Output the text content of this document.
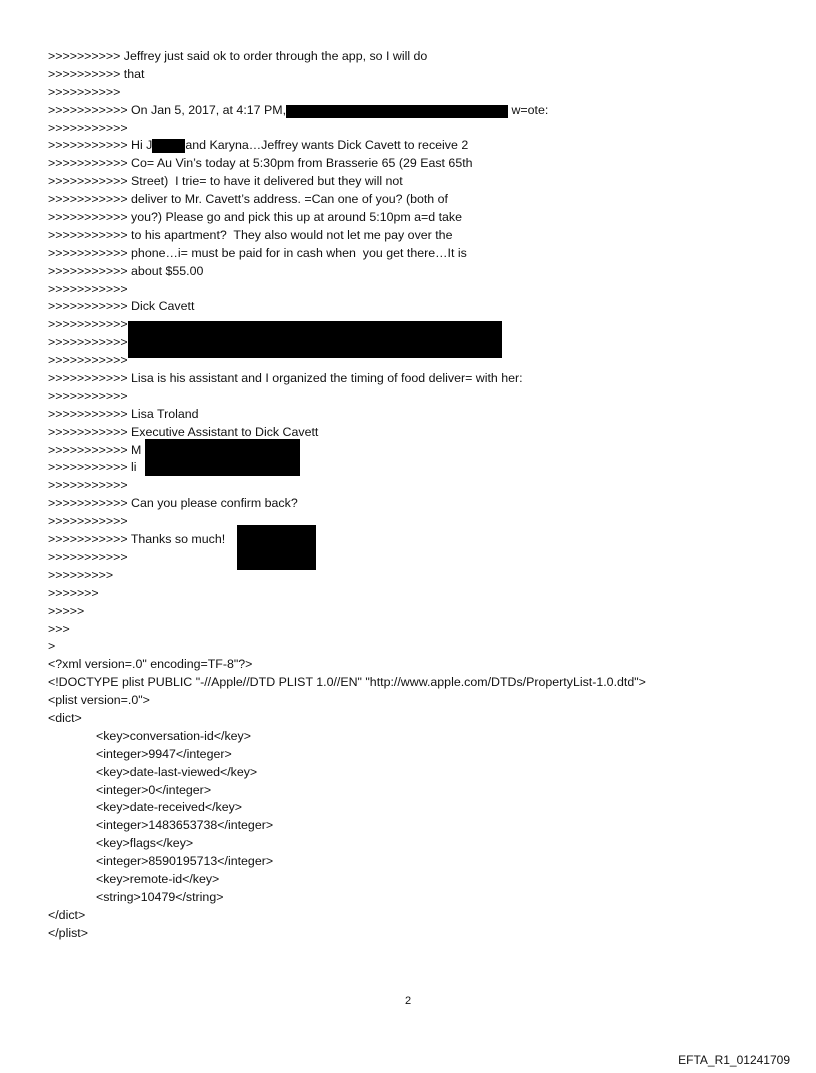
>>>>>>>>>> Jeffrey just said ok to order through the app, so I will do
>>>>>>>>>> that
>>>>>>>>>>
>>>>>>>>>>> On Jan 5, 2017, at 4:17 PM,	w=ote:
>>>>>>>>>>>
>>>>>>>>>>> Hi J	and Karyna…Jeffrey wants Dick Cavett to receive 2
>>>>>>>>>>> Co= Au Vin’s today at 5:30pm from Brasserie 65 (29 East 65th
>>>>>>>>>>> Street)  I trie= to have it delivered but they will not
>>>>>>>>>>> deliver to Mr. Cavett’s address. =Can one of you? (both of
>>>>>>>>>>> you?) Please go and pick this up at around 5:10pm a=d take
>>>>>>>>>>> to his apartment?  They also would not let me pay over the
>>>>>>>>>>> phone…i= must be paid for in cash when  you get there…It is
>>>>>>>>>>> about $55.00
>>>>>>>>>>>
>>>>>>>>>>> Dick Cavett
>>>>>>>>>>>
>>>>>>>>>>>
>>>>>>>>>>>
>>>>>>>>>>> Lisa is his assistant and I organized the timing of food deliver= with her:
>>>>>>>>>>>
>>>>>>>>>>> Lisa Troland
>>>>>>>>>>> Executive Assistant to Dick Cavett
>>>>>>>>>>> M
>>>>>>>>>>> li
>>>>>>>>>>>
>>>>>>>>>>> Can you please confirm back?
>>>>>>>>>>>
>>>>>>>>>>> Thanks so much!
>>>>>>>>>>>
>>>>>>>>>
>>>>>>>
>>>>>
>>>
>
<?xml version=.0" encoding=TF-8"?>
<!DOCTYPE plist PUBLIC "-//Apple//DTD PLIST 1.0//EN" "http://www.apple.com/DTDs/PropertyList-1.0.dtd">
<plist version=.0">
<dict>
<key>conversation-id</key>
<integer>9947</integer>
<key>date-last-viewed</key>
<integer>0</integer>
<key>date-received</key>
<integer>1483653738</integer>
<key>flags</key>
<integer>8590195713</integer>
<key>remote-id</key>
<string>10479</string>
</dict>
</plist>
2
EFTA_R1_01241709
